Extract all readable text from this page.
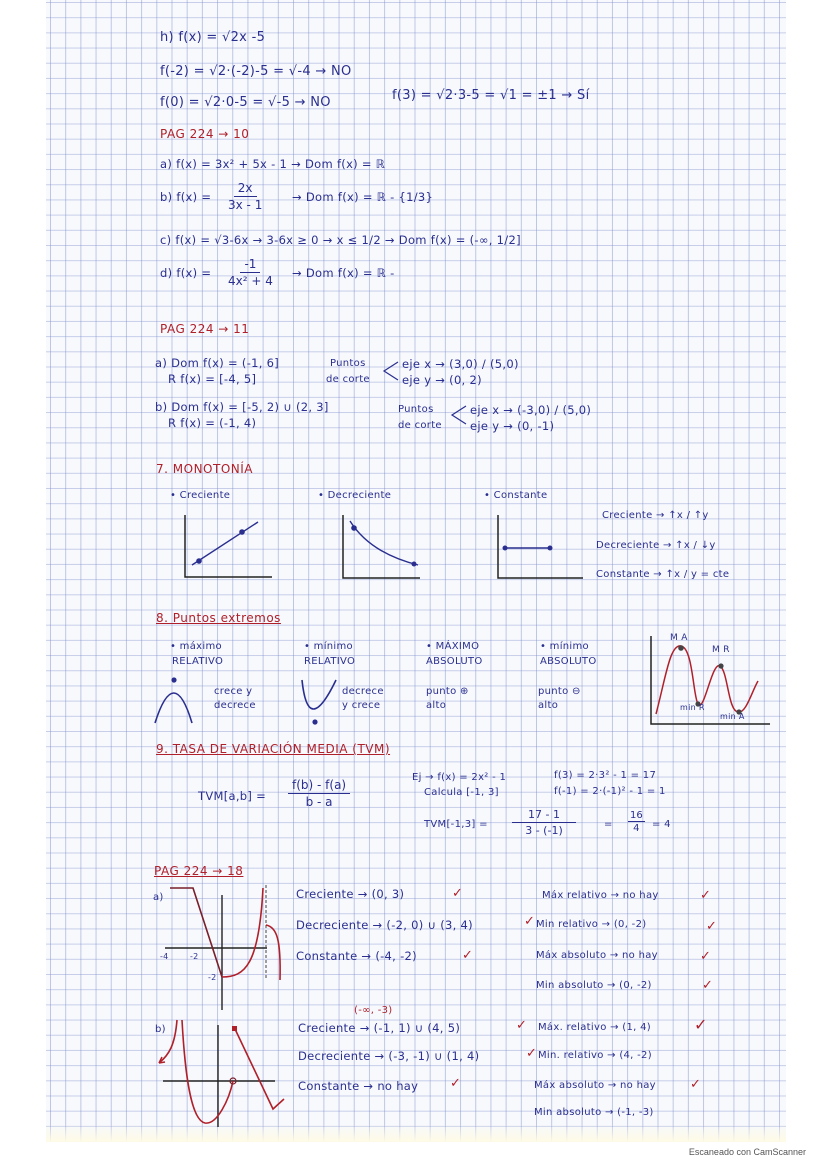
h) f(x) = √2x -5
f(-2) = √2·(-2)-5 = √-4 → NO
f(0) = √2·0-5 = √-5 → NO	f(3) = √2·3-5 = √1 = ±1 → Sí
PAG 224 → 10
a) f(x) = 3x² + 5x - 1 → Dom f(x) = ℝ
b) $f(x) = \frac{2x}{3x - 1}$	→ Dom f(x) = ℝ - {1/3}
c) f(x) = √3-6x → 3-6x ≥ 0 → x ≤ 1/2 → Dom f(x) = (-∞, 1/2]
d) $f(x) = \frac{-1}{\text{4x² + 4}}$ → Dom f(x) = ℝ -
PAG 224 → 11
a) Dom f(x) = (-1, 6]
R f(x) = [-4, 5]
Puntos
de corte
eje x → (3,0) / (5,0)
eje y → (0, 2)
b) Dom f(x) = [-5, 2) ∪ (2, 3]
R f(x) = (-1, 4)
Puntos
de corte
eje x → (-3,0) / (5,0)
eje y → (0, -1)
7. MONOTONÍA
• Creciente	• Decreciente	• Constante
Creciente → ↑x / ↑y
Decreciente → ↑x / ↓y
Constante → ↑x / y = cte
8. Puntos extremos
• máximo
RELATIVO
crece y
decrece
• mínimo
RELATIVO
decrece
y crece
• MÁXIMO
ABSOLUTO
punto ⊕
alto
• mínimo
ABSOLUTO
punto ⊖
alto
M A
M R
min R
min A
9. TASA DE VARIACIÓN MEDIA (TVM)
$TVM[a,b] = \frac{f(b) - f(a)}{b - a}$
Ej → f(x) = 2x² - 1
Calcula [-1, 3]
f(3) = 2·3² - 1 = 17
f(-1) = 2·(-1)² - 1 = 1
$TVM[-1,3] = \frac{17 - 1}{3 - (-1)}$	= $\frac{16}{4} = 4$
PAG 224 → 18
a)
-4	-2
-2
Creciente → (0, 3)	✓
Decreciente → (-2, 0) ∪ (3, 4)	✓
Constante → (-4, -2)	✓
Máx relativo → no hay	✓
Min relativo → (0, -2)	✓
Máx absoluto → no hay	✓
Min absoluto → (0, -2)	✓
b)
(-∞, -3)
Creciente → (-1, 1) ∪ (4, 5)	✓
Decreciente → (-3, -1) ∪ (1, 4)	✓
Constante → no hay ✓
Máx. relativo → (1, 4)	✓
Min. relativo → (4, -2)
Máx absoluto → no hay	✓
Min absoluto → (-1, -3)
Escaneado con CamScanner
